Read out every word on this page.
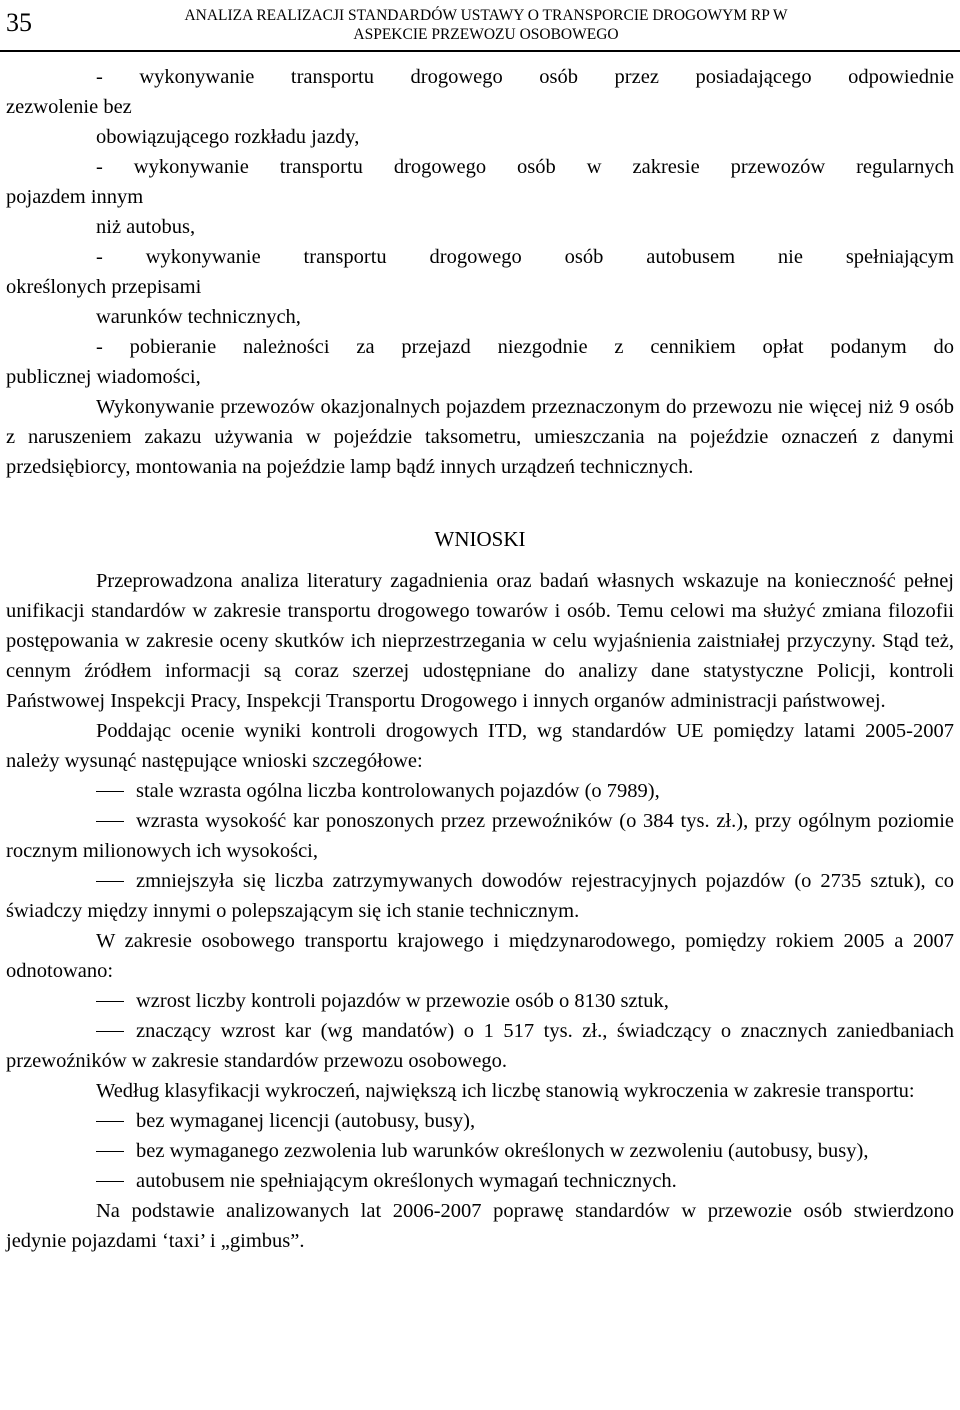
35	ANALIZA REALIZACJI STANDARDÓW USTAWY O TRANSPORCIE DROGOWYM RP W
ASPEKCIE PRZEWOZU OSOBOWEGO

- wykonywanie transportu drogowego osób przez posiadającego odpowiednie

zezwolenie bez

obowiązującego rozkładu jazdy,

- wykonywanie transportu drogowego osób w zakresie przewozów regularnych

pojazdem innym

niż autobus,

- wykonywanie transportu drogowego osób autobusem nie spełniającym

określonych przepisami

warunków technicznych,

- pobieranie należności za przejazd niezgodnie z cennikiem opłat podanym do

publicznej wiadomości,

Wykonywanie przewozów okazjonalnych pojazdem przeznaczonym do przewozu nie więcej niż 9 osób z naruszeniem zakazu używania w pojeździe taksometru, umieszczania na pojeździe oznaczeń z danymi przedsiębiorcy, montowania na pojeździe lamp bądź innych urządzeń technicznych.

WNIOSKI

Przeprowadzona analiza literatury zagadnienia oraz badań własnych wskazuje na konieczność pełnej unifikacji standardów w zakresie transportu drogowego towarów i osób. Temu celowi ma służyć zmiana filozofii postępowania w zakresie oceny skutków ich nieprzestrzegania w celu wyjaśnienia zaistniałej przyczyny. Stąd też, cennym źródłem informacji są coraz szerzej udostępniane do analizy dane statystyczne Policji, kontroli Państwowej Inspekcji Pracy, Inspekcji Transportu Drogowego i innych organów administracji państwowej.

Poddając ocenie wyniki kontroli drogowych ITD, wg standardów UE pomiędzy latami 2005-2007 należy wysunąć następujące wnioski szczegółowe:

stale wzrasta ogólna liczba kontrolowanych pojazdów (o 7989),
wzrasta wysokość kar ponoszonych przez przewoźników (o 384 tys. zł.), przy ogólnym poziomie rocznym milionowych ich wysokości,
zmniejszyła się liczba zatrzymywanych dowodów rejestracyjnych pojazdów (o 2735 sztuk), co świadczy między innymi o polepszającym się ich stanie technicznym.

W zakresie osobowego transportu krajowego i międzynarodowego, pomiędzy rokiem 2005 a 2007 odnotowano:

wzrost liczby kontroli pojazdów w przewozie osób o 8130 sztuk,
znaczący wzrost kar (wg mandatów) o 1 517 tys. zł., świadczący o znacznych zaniedbaniach przewoźników w zakresie standardów przewozu osobowego.

Według klasyfikacji wykroczeń, największą ich liczbę stanowią wykroczenia w zakresie transportu:

bez wymaganej licencji (autobusy, busy),
bez wymaganego zezwolenia lub warunków określonych w zezwoleniu (autobusy, busy),
autobusem nie spełniającym określonych wymagań technicznych.

Na podstawie analizowanych lat 2006-2007 poprawę standardów w przewozie osób stwierdzono jedynie pojazdami ‘taxi’ i „gimbus”.
